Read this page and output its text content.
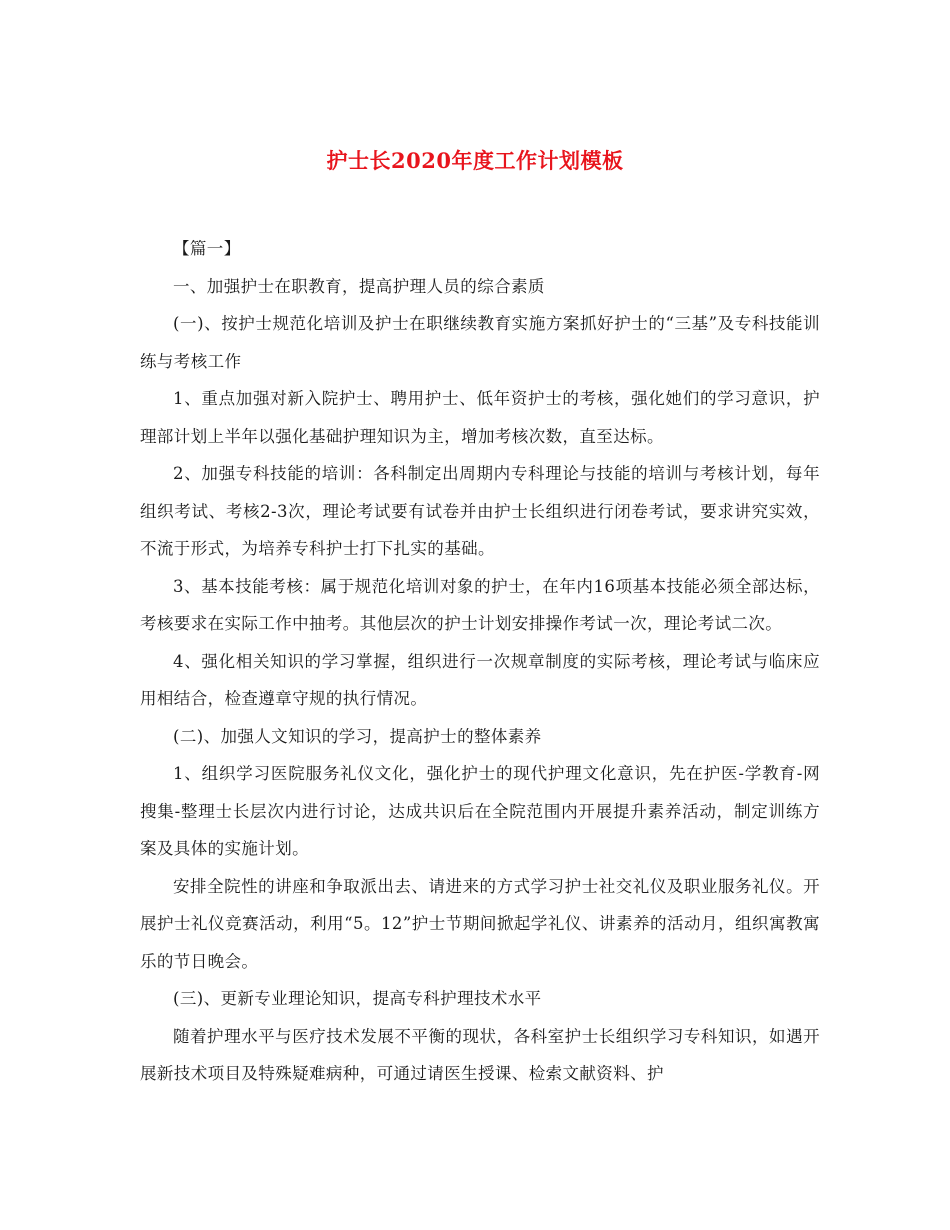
护士长2020年度工作计划模板

【篇一】

一、加强护士在职教育，提高护理人员的综合素质

(一)、按护士规范化培训及护士在职继续教育实施方案抓好护士的“三基”及专科技能训练与考核工作

1、重点加强对新入院护士、聘用护士、低年资护士的考核，强化她们的学习意识，护理部计划上半年以强化基础护理知识为主，增加考核次数，直至达标。

2、加强专科技能的培训：各科制定出周期内专科理论与技能的培训与考核计划，每年组织考试、考核2-3次，理论考试要有试卷并由护士长组织进行闭卷考试，要求讲究实效，不流于形式，为培养专科护士打下扎实的基础。

3、基本技能考核：属于规范化培训对象的护士，在年内16项基本技能必须全部达标，考核要求在实际工作中抽考。其他层次的护士计划安排操作考试一次，理论考试二次。

4、强化相关知识的学习掌握，组织进行一次规章制度的实际考核，理论考试与临床应用相结合，检查遵章守规的执行情况。

(二)、加强人文知识的学习，提高护士的整体素养

1、组织学习医院服务礼仪文化，强化护士的现代护理文化意识，先在护医-学教育-网搜集-整理士长层次内进行讨论，达成共识后在全院范围内开展提升素养活动，制定训练方案及具体的实施计划。

安排全院性的讲座和争取派出去、请进来的方式学习护士社交礼仪及职业服务礼仪。开展护士礼仪竞赛活动，利用“5。12”护士节期间掀起学礼仪、讲素养的活动月，组织寓教寓乐的节日晚会。

(三)、更新专业理论知识，提高专科护理技术水平

随着护理水平与医疗技术发展不平衡的现状，各科室护士长组织学习专科知识，如遇开展新技术项目及特殊疑难病种，可通过请医生授课、检索文献资料、护
